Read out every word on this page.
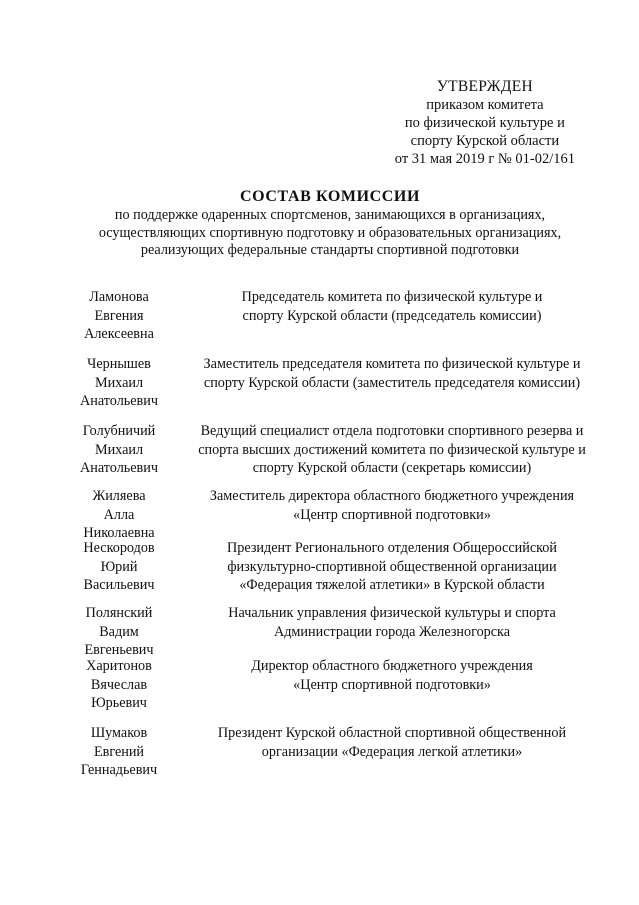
УТВЕРЖДЕН
приказом комитета
по физической культуре и
спорту Курской области
от 31 мая 2019 г № 01-02/161
СОСТАВ КОМИССИИ
по поддержке одаренных спортсменов, занимающихся в организациях,
осуществляющих спортивную подготовку и образовательных организациях,
реализующих федеральные стандарты спортивной подготовки
Ламонова
Евгения
Алексеевна
Председатель комитета по физической культуре и
спорту Курской области (председатель комиссии)
Чернышев
Михаил
Анатольевич
Заместитель председателя комитета по физической культуре и
спорту Курской области (заместитель председателя комиссии)
Голубничий
Михаил
Анатольевич
Ведущий специалист отдела подготовки спортивного резерва и
спорта высших достижений комитета по физической культуре и
спорту Курской области (секретарь комиссии)
Жиляева
Алла
Николаевна
Заместитель директора областного бюджетного учреждения
«Центр спортивной подготовки»
Нескородов
Юрий
Васильевич
Президент Регионального отделения Общероссийской
физкультурно-спортивной общественной организации
«Федерация тяжелой атлетики» в Курской области
Полянский
Вадим
Евгеньевич
Начальник управления физической культуры и спорта
Администрации города Железногорска
Харитонов
Вячеслав
Юрьевич
Директор областного бюджетного учреждения
«Центр спортивной подготовки»
Шумаков
Евгений
Геннадьевич
Президент Курской областной спортивной общественной
организации «Федерация легкой атлетики»
